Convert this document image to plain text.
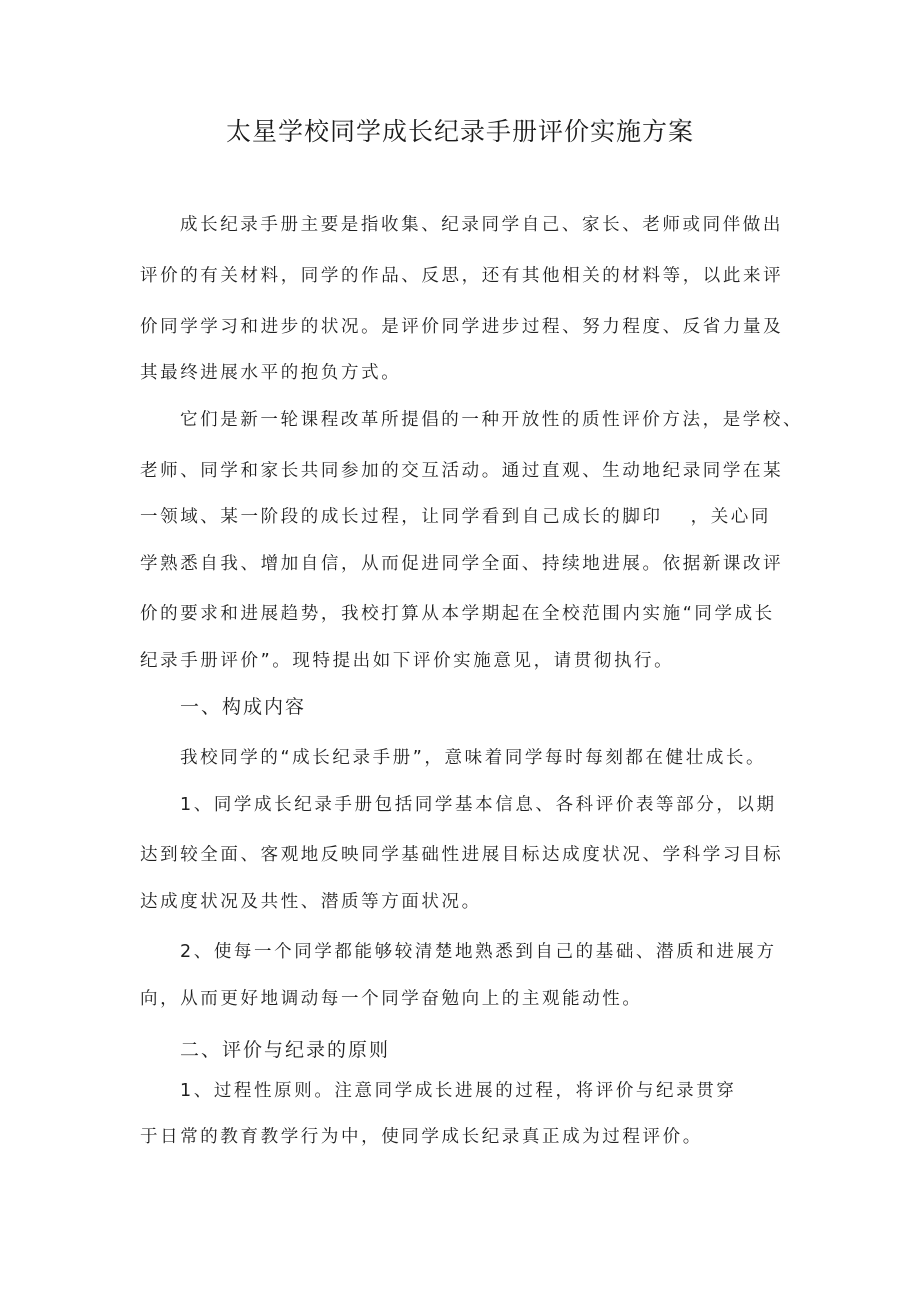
太星学校同学成长纪录手册评价实施方案
成长纪录手册主要是指收集、纪录同学自己、家长、老师或同伴做出
评价的有关材料，同学的作品、反思，还有其他相关的材料等，以此来评
价同学学习和进步的状况。是评价同学进步过程、努力程度、反省力量及
其最终进展水平的抱负方式。
它们是新一轮课程改革所提倡的一种开放性的质性评价方法，是学校、
老师、同学和家长共同参加的交互活动。通过直观、生动地纪录同学在某
一领域、某一阶段的成长过程，让同学看到自己成长的脚印 ，关心同
学熟悉自我、增加自信，从而促进同学全面、持续地进展。依据新课改评
价的要求和进展趋势，我校打算从本学期起在全校范围内实施“同学成长
纪录手册评价”。现特提出如下评价实施意见，请贯彻执行。
一、构成内容
我校同学的“成长纪录手册”，意味着同学每时每刻都在健壮成长。
1、同学成长纪录手册包括同学基本信息、各科评价表等部分，以期
达到较全面、客观地反映同学基础性进展目标达成度状况、学科学习目标
达成度状况及共性、潜质等方面状况。
2、使每一个同学都能够较清楚地熟悉到自己的基础、潜质和进展方
向，从而更好地调动每一个同学奋勉向上的主观能动性。
二、评价与纪录的原则
1、过程性原则。注意同学成长进展的过程，将评价与纪录贯穿
于日常的教育教学行为中，使同学成长纪录真正成为过程评价。
